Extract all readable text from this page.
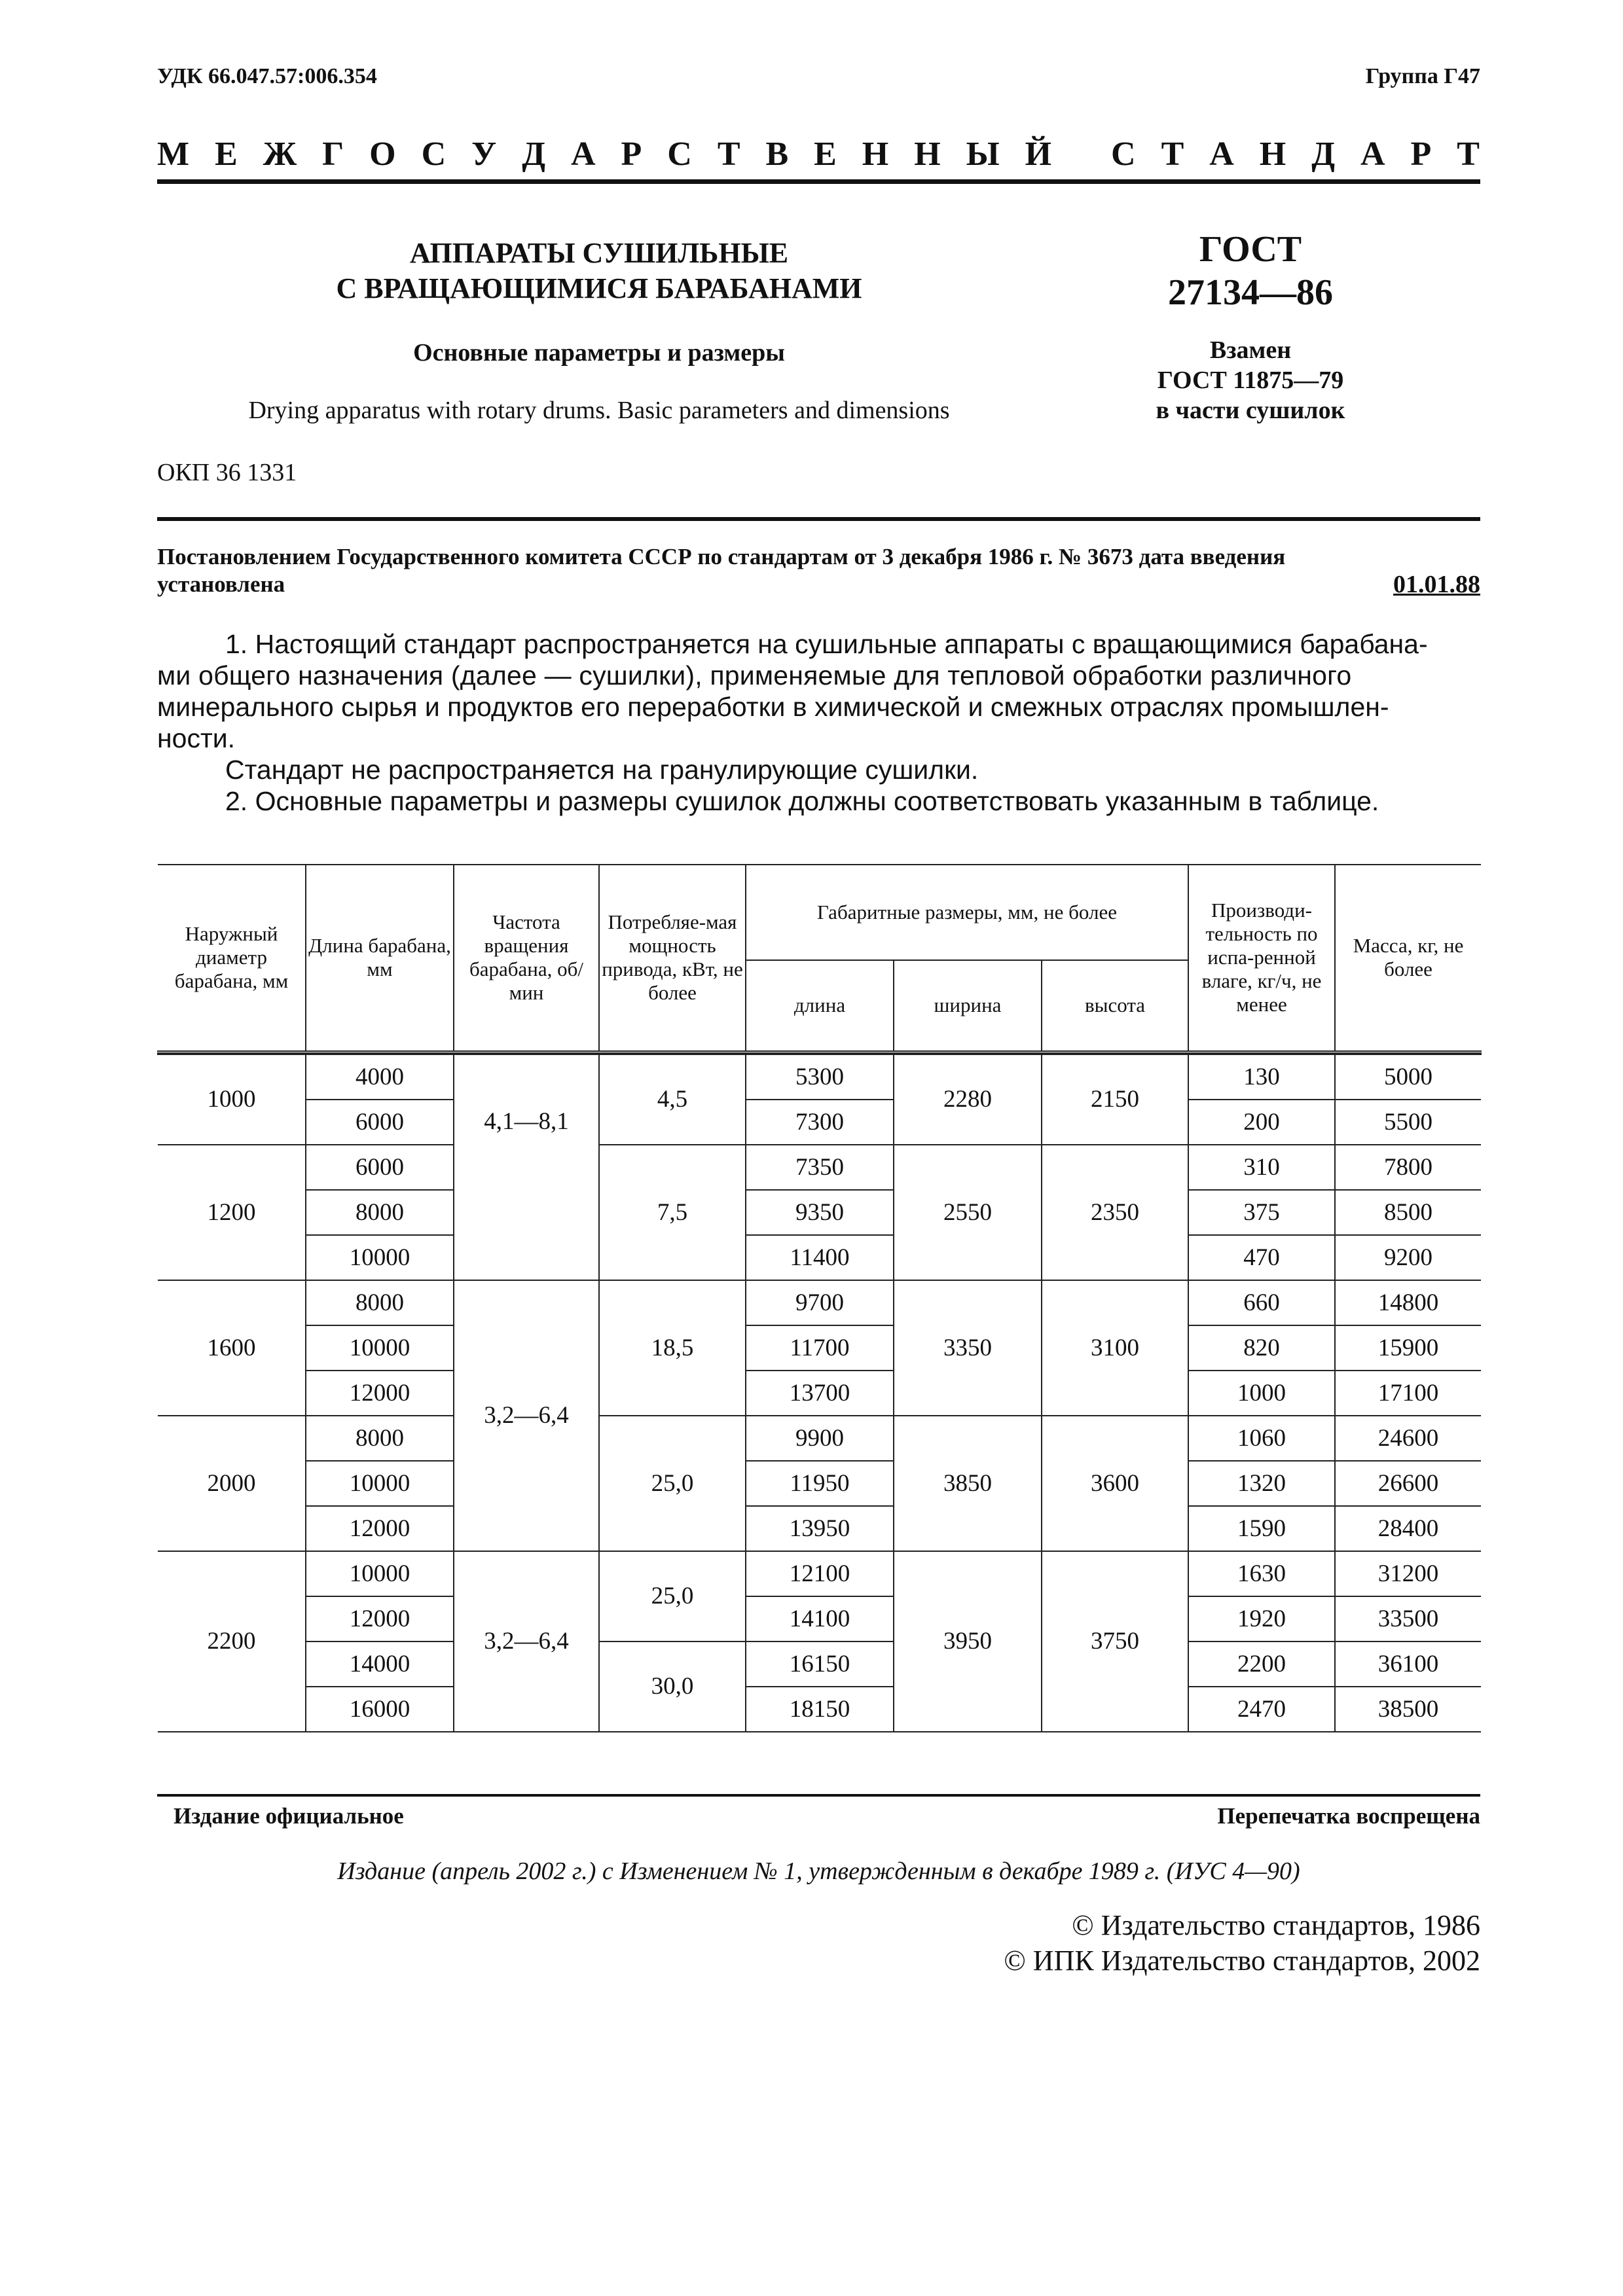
УДК 66.047.57:006.354	Группа Г47
М Е Ж Г О С У Д А Р С Т В Е Н Н Ы Й
С Т А Н Д А Р Т
АППАРАТЫ СУШИЛЬНЫЕ
С ВРАЩАЮЩИМИСЯ БАРАБАНАМИ
Основные параметры и размеры
Drying apparatus with rotary drums. Basic parameters and dimensions
ОКП 36 1331
ГОСТ
27134—86
Взамен
ГОСТ 11875—79
в части сушилок
Постановлением Государственного комитета СССР по стандартам от 3 декабря 1986 г. № 3673 дата введения
установлена	01.01.88

1. Настоящий стандарт распространяется на сушильные аппараты с вращающимися барабана-

ми общего назначения (далее — сушилки), применяемые для тепловой обработки различного

минерального сырья и продуктов его переработки в химической и смежных отраслях промышлен-

ности.

Стандарт не распространяется на гранулирующие сушилки.

2. Основные параметры и размеры сушилок должны соответствовать указанным в таблице.

Наружный диаметр барабана, мм	Длина барабана, мм	Частота вращения барабана, об/мин	Потребляе-мая мощность привода, кВт, не более	Габаритные размеры, мм, не более			Производи-тельность по испа-ренной влаге, кг/ч, не менее	Масса, кг, не более
				длина	ширина	высота		

1000	4000	4,1—8,1	4,5	5300	2280	2150	130	5000
	6000			7300			200	5500
1200	6000		7,5	7350	2550	2350	310	7800
	8000			9350			375	8500
	10000			11400			470	9200
1600	8000	3,2—6,4	18,5	9700	3350	3100	660	14800
	10000			11700			820	15900
	12000			13700			1000	17100
2000	8000		25,0	9900	3850	3600	1060	24600
	10000			11950			1320	26600
	12000			13950			1590	28400
2200	10000	3,2—6,4	25,0	12100	3950	3750	1630	31200
	12000			14100			1920	33500
	14000		30,0	16150			2200	36100
	16000			18150			2470	38500
Издание официальное	Перепечатка воспрещена
Издание (апрель 2002 г.) с Изменением № 1, утвержденным в декабре 1989 г. (ИУС 4—90)
© Издательство стандартов, 1986
© ИПК Издательство стандартов, 2002
